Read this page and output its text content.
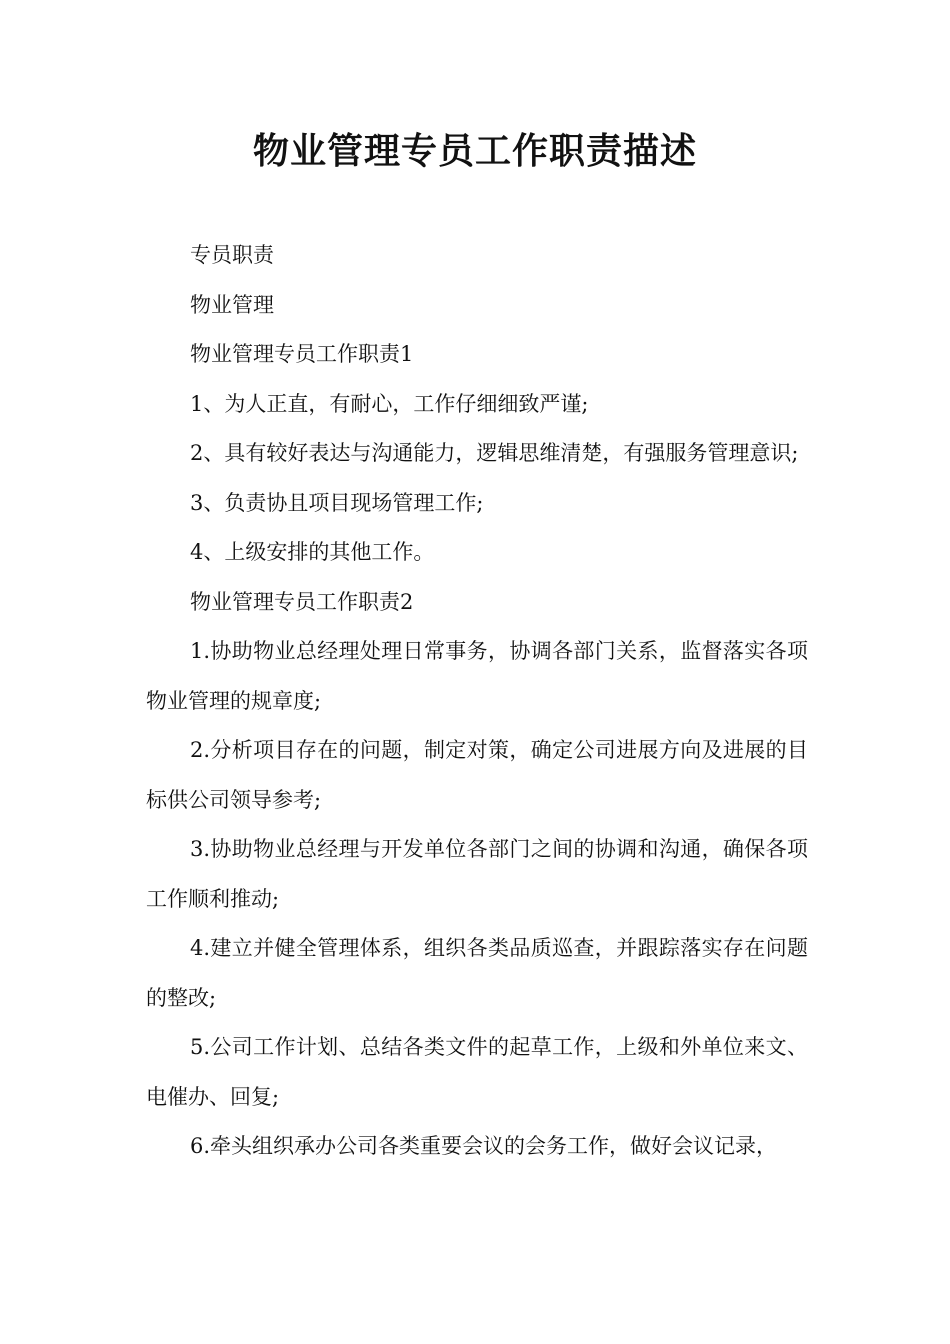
物业管理专员工作职责描述

专员职责

物业管理

物业管理专员工作职责1

1、为人正直，有耐心，工作仔细细致严谨;

2、具有较好表达与沟通能力，逻辑思维清楚，有强服务管理意识;

3、负责协且项目现场管理工作;

4、上级安排的其他工作。

物业管理专员工作职责2

1.协助物业总经理处理日常事务，协调各部门关系，监督落实各项物业管理的规章度;

2.分析项目存在的问题，制定对策，确定公司进展方向及进展的目标供公司领导参考;

3.协助物业总经理与开发单位各部门之间的协调和沟通，确保各项工作顺利推动;

4.建立并健全管理体系，组织各类品质巡查，并跟踪落实存在问题的整改;

5.公司工作计划、总结各类文件的起草工作，上级和外单位来文、电催办、回复;

6.牵头组织承办公司各类重要会议的会务工作，做好会议记录，
